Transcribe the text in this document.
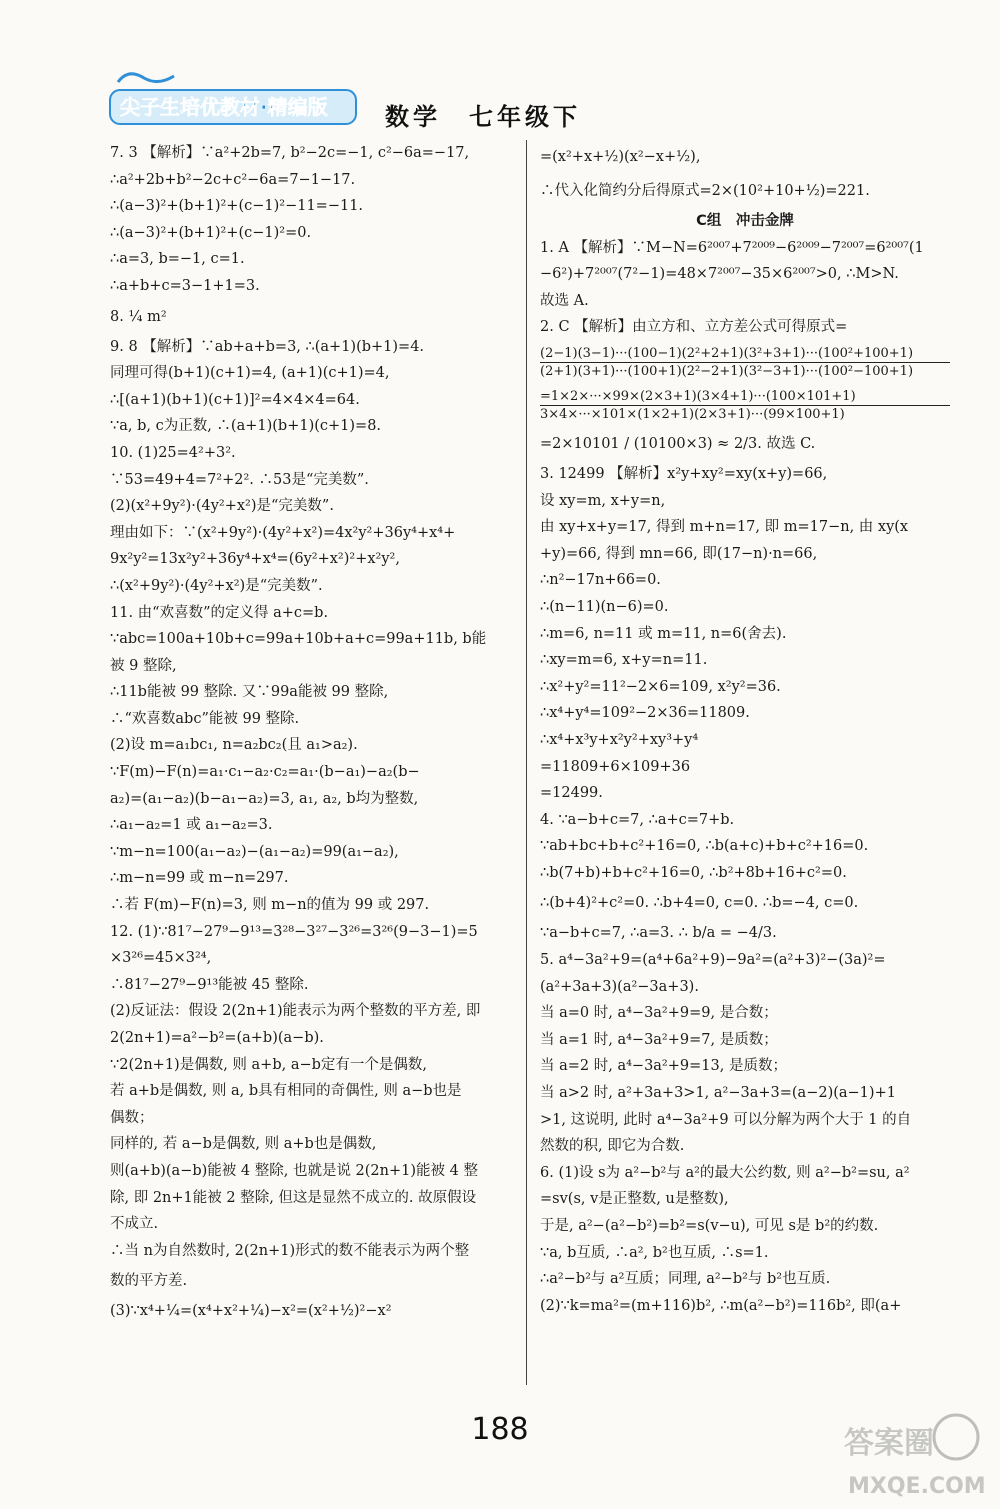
尖子生培优教材·精编版 数学　七年级下
7. 3 【解析】∵a²+2b=7, b²−2c=−1, c²−6a=−17,
∴a²+2b+b²−2c+c²−6a=7−1−17.
∴(a−3)²+(b+1)²+(c−1)²−11=−11.
∴(a−3)²+(b+1)²+(c−1)²=0.
∴a=3, b=−1, c=1.
∴a+b+c=3−1+1=3.
8. ¼ m²
9. 8 【解析】∵ab+a+b=3, ∴(a+1)(b+1)=4.
同理可得(b+1)(c+1)=4, (a+1)(c+1)=4,
∴[(a+1)(b+1)(c+1)]²=4×4×4=64.
∵a, b, c为正数, ∴(a+1)(b+1)(c+1)=8.
10. (1)25=4²+3².
∵53=49+4=7²+2². ∴53是“完美数”.
(2)(x²+9y²)·(4y²+x²)是“完美数”.
理由如下：∵(x²+9y²)·(4y²+x²)=4x²y²+36y⁴+x⁴+
9x²y²=13x²y²+36y⁴+x⁴=(6y²+x²)²+x²y²,
∴(x²+9y²)·(4y²+x²)是“完美数”.
11. 由“欢喜数”的定义得 a+c=b.
∵abc=100a+10b+c=99a+10b+a+c=99a+11b, b能
被 9 整除,
∴11b能被 99 整除. 又∵99a能被 99 整除,
∴“欢喜数abc”能被 99 整除.
(2)设 m=a₁bc₁, n=a₂bc₂(且 a₁>a₂).
∵F(m)−F(n)=a₁·c₁−a₂·c₂=a₁·(b−a₁)−a₂(b−
a₂)=(a₁−a₂)(b−a₁−a₂)=3, a₁, a₂, b均为整数,
∴a₁−a₂=1 或 a₁−a₂=3.
∵m−n=100(a₁−a₂)−(a₁−a₂)=99(a₁−a₂),
∴m−n=99 或 m−n=297.
∴若 F(m)−F(n)=3, 则 m−n的值为 99 或 297.
12. (1)∵81⁷−27⁹−9¹³=3²⁸−3²⁷−3²⁶=3²⁶(9−3−1)=5
×3²⁶=45×3²⁴,
∴81⁷−27⁹−9¹³能被 45 整除.
(2)反证法：假设 2(2n+1)能表示为两个整数的平方差, 即
2(2n+1)=a²−b²=(a+b)(a−b).
∵2(2n+1)是偶数, 则 a+b, a−b定有一个是偶数,
若 a+b是偶数, 则 a, b具有相同的奇偶性, 则 a−b也是
偶数；
同样的, 若 a−b是偶数, 则 a+b也是偶数,
则(a+b)(a−b)能被 4 整除, 也就是说 2(2n+1)能被 4 整
除, 即 2n+1能被 2 整除, 但这是显然不成立的. 故原假设
不成立.
∴当 n为自然数时, 2(2n+1)形式的数不能表示为两个整
数的平方差.
(3)∵x⁴+¼=(x⁴+x²+¼)−x²=(x²+½)²−x²
=(x²+x+½)(x²−x+½),
∴代入化简约分后得原式=2×(10²+10+½)=221.
C组　冲击金牌
1. A 【解析】∵M−N=6²⁰⁰⁷+7²⁰⁰⁹−6²⁰⁰⁹−7²⁰⁰⁷=6²⁰⁰⁷(1
−6²)+7²⁰⁰⁷(7²−1)=48×7²⁰⁰⁷−35×6²⁰⁰⁷>0, ∴M>N.
故选 A.
2. C 【解析】由立方和、立方差公式可得原式=
(2−1)(3−1)···(100−1)(2²+2+1)(3²+3+1)···(100²+100+1)
(2+1)(3+1)···(100+1)(2²−2+1)(3²−3+1)···(100²−100+1)
=1×2×···×99×(2×3+1)(3×4+1)···(100×101+1)
3×4×···×101×(1×2+1)(2×3+1)···(99×100+1)
=2×10101 / (10100×3) ≈ 2/3. 故选 C.
3. 12499 【解析】x²y+xy²=xy(x+y)=66,
设 xy=m, x+y=n,
由 xy+x+y=17, 得到 m+n=17, 即 m=17−n, 由 xy(x
+y)=66, 得到 mn=66, 即(17−n)·n=66,
∴n²−17n+66=0.
∴(n−11)(n−6)=0.
∴m=6, n=11 或 m=11, n=6(舍去).
∴xy=m=6, x+y=n=11.
∴x²+y²=11²−2×6=109, x²y²=36.
∴x⁴+y⁴=109²−2×36=11809.
∴x⁴+x³y+x²y²+xy³+y⁴
=11809+6×109+36
=12499.
4. ∵a−b+c=7, ∴a+c=7+b.
∵ab+bc+b+c²+16=0, ∴b(a+c)+b+c²+16=0.
∴b(7+b)+b+c²+16=0, ∴b²+8b+16+c²=0.
∴(b+4)²+c²=0. ∴b+4=0, c=0. ∴b=−4, c=0.
∵a−b+c=7, ∴a=3. ∴ b/a = −4/3.
5. a⁴−3a²+9=(a⁴+6a²+9)−9a²=(a²+3)²−(3a)²=
(a²+3a+3)(a²−3a+3).
当 a=0 时, a⁴−3a²+9=9, 是合数；
当 a=1 时, a⁴−3a²+9=7, 是质数；
当 a=2 时, a⁴−3a²+9=13, 是质数；
当 a>2 时, a²+3a+3>1, a²−3a+3=(a−2)(a−1)+1
>1, 这说明, 此时 a⁴−3a²+9 可以分解为两个大于 1 的自
然数的积, 即它为合数.
6. (1)设 s为 a²−b²与 a²的最大公约数, 则 a²−b²=su, a²
=sv(s, v是正整数, u是整数),
于是, a²−(a²−b²)=b²=s(v−u), 可见 s是 b²的约数.
∵a, b互质, ∴a², b²也互质, ∴s=1.
∴a²−b²与 a²互质；同理, a²−b²与 b²也互质.
(2)∵k=ma²=(m+116)b², ∴m(a²−b²)=116b², 即(a+
188	答案圈
MXQE.COM
